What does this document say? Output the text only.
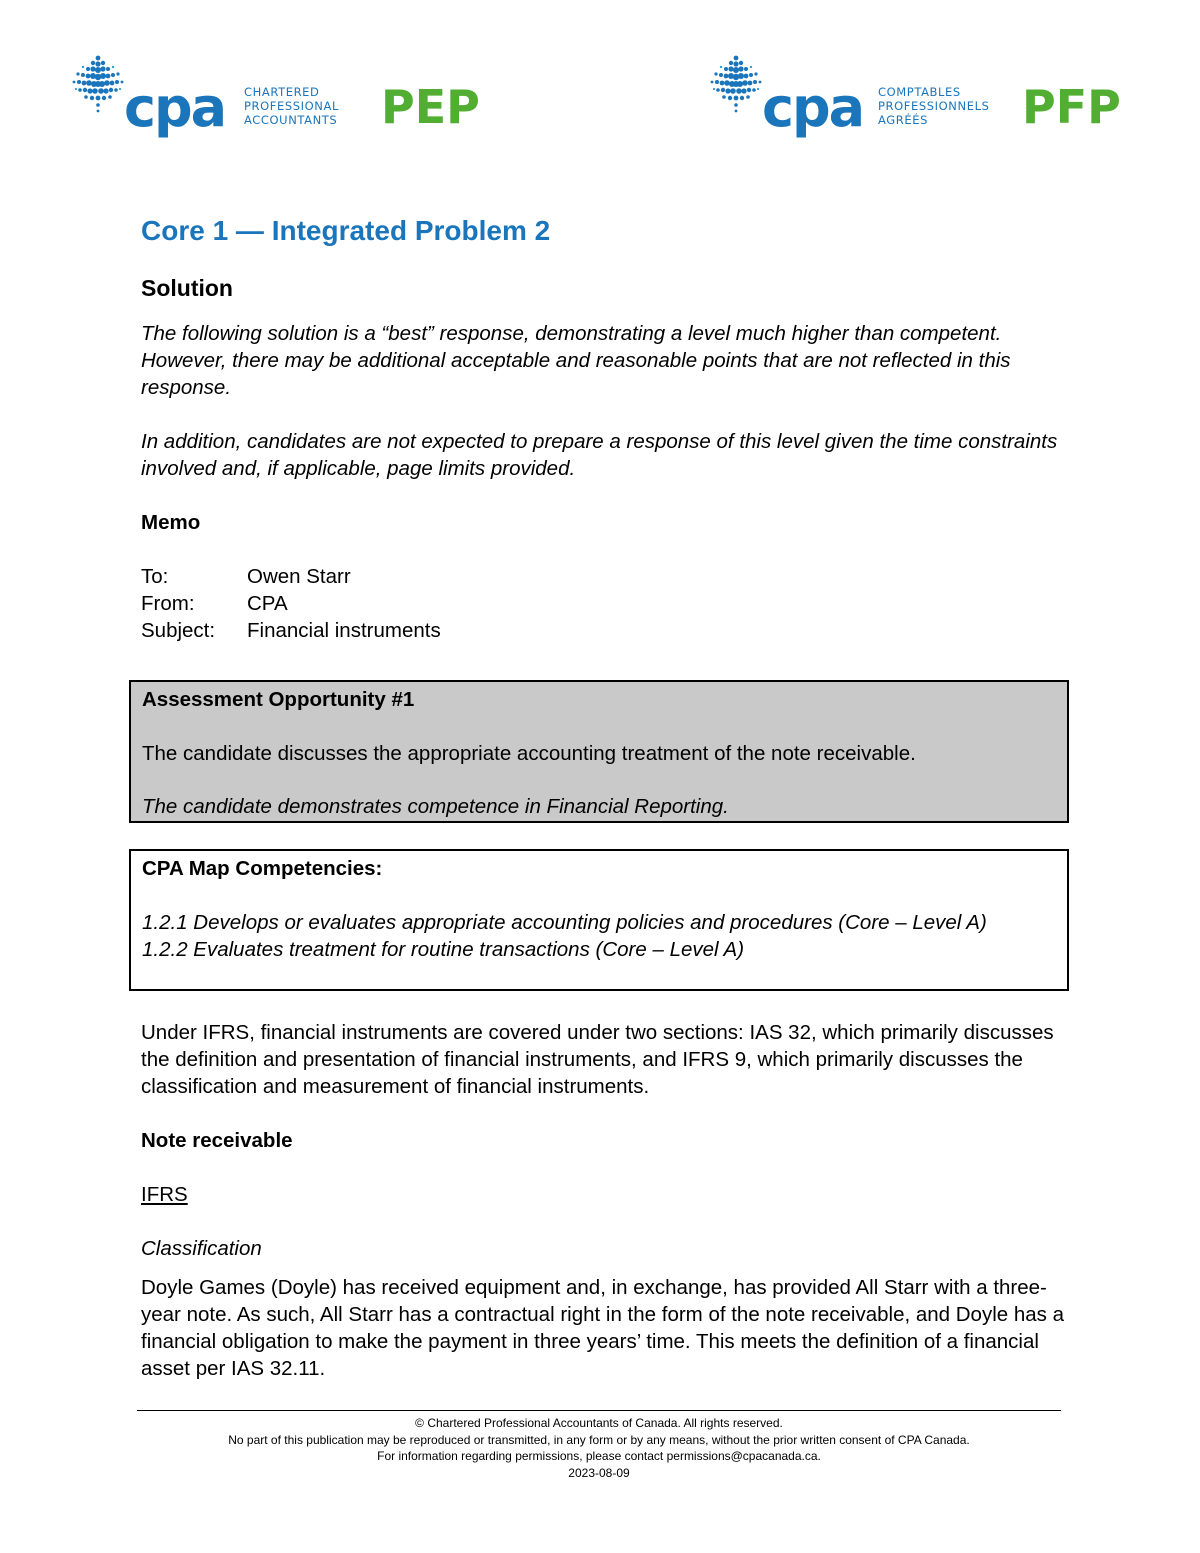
cpa CHARTERED
PROFESSIONAL
ACCOUNTANTS PEP	cpa COMPTABLES
PROFESSIONNELS
AGRÉÉS	PFP
Core 1 — Integrated Problem 2
Solution

The following solution is a “best” response, demonstrating a level much higher than competent. However, there may be additional acceptable and reasonable points that are not reflected in this response.

In addition, candidates are not expected to prepare a response of this level given the time constraints involved and, if applicable, page limits provided.

Memo

To:	Owen Starr
From:	CPA
Subject:	Financial instruments

Assessment Opportunity #1

The candidate discusses the appropriate accounting treatment of the note receivable.

The candidate demonstrates competence in Financial Reporting.

CPA Map Competencies:

1.2.1 Develops or evaluates appropriate accounting policies and procedures (Core – Level A)

1.2.2 Evaluates treatment for routine transactions (Core – Level A)

Under IFRS, financial instruments are covered under two sections: IAS 32, which primarily discusses the definition and presentation of financial instruments, and IFRS 9, which primarily discusses the classification and measurement of financial instruments.

Note receivable

IFRS

Classification

Doyle Games (Doyle) has received equipment and, in exchange, has provided All Starr with a three-year note. As such, All Starr has a contractual right in the form of the note receivable, and Doyle has a financial obligation to make the payment in three years’ time. This meets the definition of a financial asset per IAS 32.11.

© Chartered Professional Accountants of Canada. All rights reserved.
No part of this publication may be reproduced or transmitted, in any form or by any means, without the prior written consent of CPA Canada.
For information regarding permissions, please contact permissions@cpacanada.ca.
2023-08-09
